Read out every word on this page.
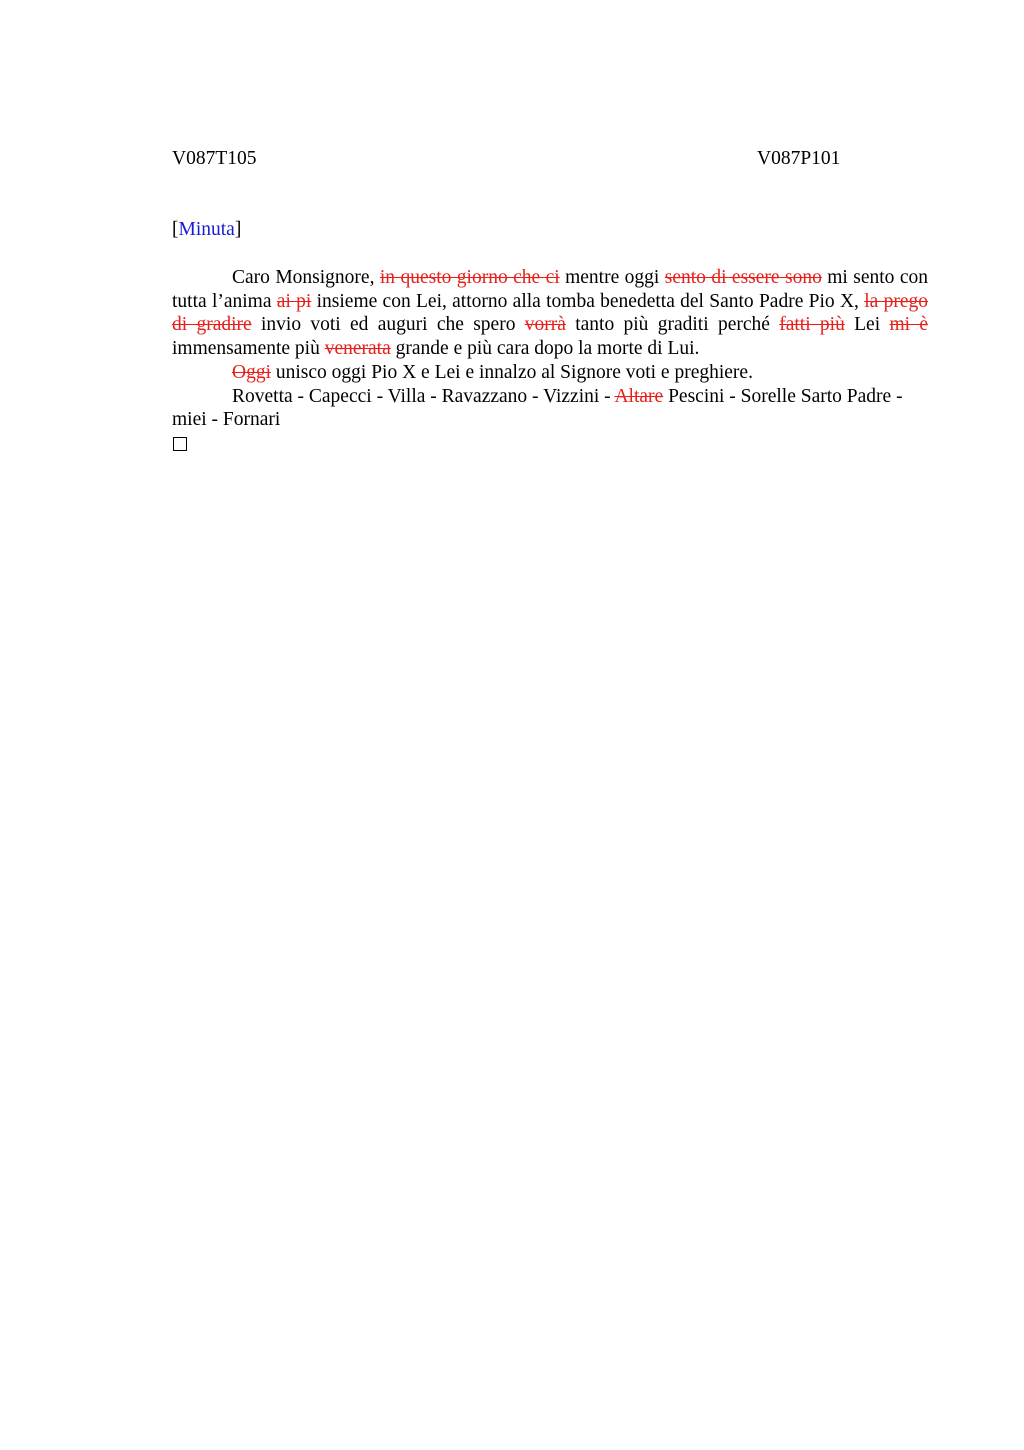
V087T105	V087P101
[Minuta]

Caro Monsignore, in questo giorno che ci mentre oggi sento di essere sono mi sento con tutta l’anima ai pi insieme con Lei, attorno alla tomba benedetta del Santo Padre Pio X, la prego di gradire invio voti ed auguri che spero vorrà tanto più graditi perché fatti più Lei mi è immensamente più venerata grande e più cara dopo la morte di Lui.

Oggi unisco oggi Pio X e Lei e innalzo al Signore voti e preghiere.

Rovetta - Capecci - Villa - Ravazzano - Vizzini - Altare Pescini - Sorelle Sarto Padre - miei - Fornari
